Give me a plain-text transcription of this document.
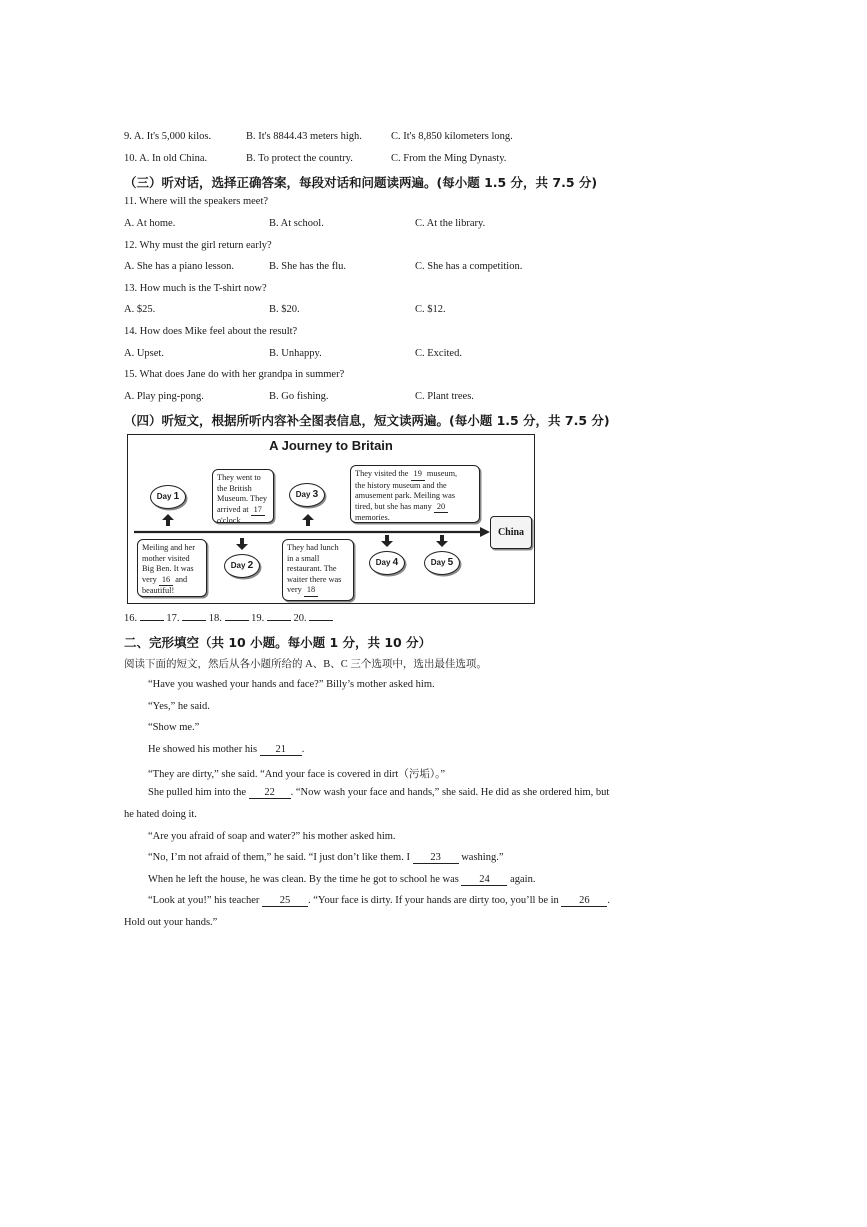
9. A. It's 5,000 kilos.	B. It's 8844.43 meters high.	C. It's 8,850 kilometers long.
10. A. In old China.	B. To protect the country.	C. From the Ming Dynasty.
（三）听对话，选择正确答案，每段对话和问题读两遍。(每小题 1.5 分，共 7.5 分)
11. Where will the speakers meet?
A. At home.	B. At school.	C. At the library.
12. Why must the girl return early?
A. She has a piano lesson.	B. She has the flu.	C. She has a competition.
13. How much is the T-shirt now?
A. $25.	B. $20.	C. $12.
14. How does Mike feel about the result?
A. Upset.	B. Unhappy.	C. Excited.
15. What does Jane do with her grandpa in summer?
A. Play ping-pong.	B. Go fishing.	C. Plant trees.
（四）听短文，根据所听内容补全图表信息，短文读两遍。(每小题 1.5 分，共 7.5 分)
A Journey to Britain
Day 1
Meiling and her
mother visited
Big Ben. It was
very 16 and
beautiful!
They went to
the British
Museum. They
arrived at 17
o'clock.
Day 2
Day 3
They had lunch
in a small
restaurant. The
waiter there was
very 18
They visited the 19 museum,
the history museum and the
amusement park. Meiling was
tired, but she has many 20
memories.
Day 4	Day 5
China
16.	17.	18.	19.	20.
二、完形填空（共 10 小题。每小题 1 分，共 10 分）
阅读下面的短文，然后从各小题所给的 A、B、C 三个选项中，选出最佳选项。
“Have you washed your hands and face?” Billy’s mother asked him.
“Yes,” he said.
“Show me.”
He showed his mother his 21 .
“They are dirty,” she said. “And your face is covered in dirt（污垢）。”
She pulled him into the 22 . “Now wash your face and hands,” she said. He did as she ordered him, but
he hated doing it.
“Are you afraid of soap and water?” his mother asked him.
“No, I’m not afraid of them,” he said. “I just don’t like them. I 23 washing.”
When he left the house, he was clean. By the time he got to school he was 24 again.
“Look at you!” his teacher 25 . “Your face is dirty. If your hands are dirty too, you’ll be in 26 .
Hold out your hands.”
